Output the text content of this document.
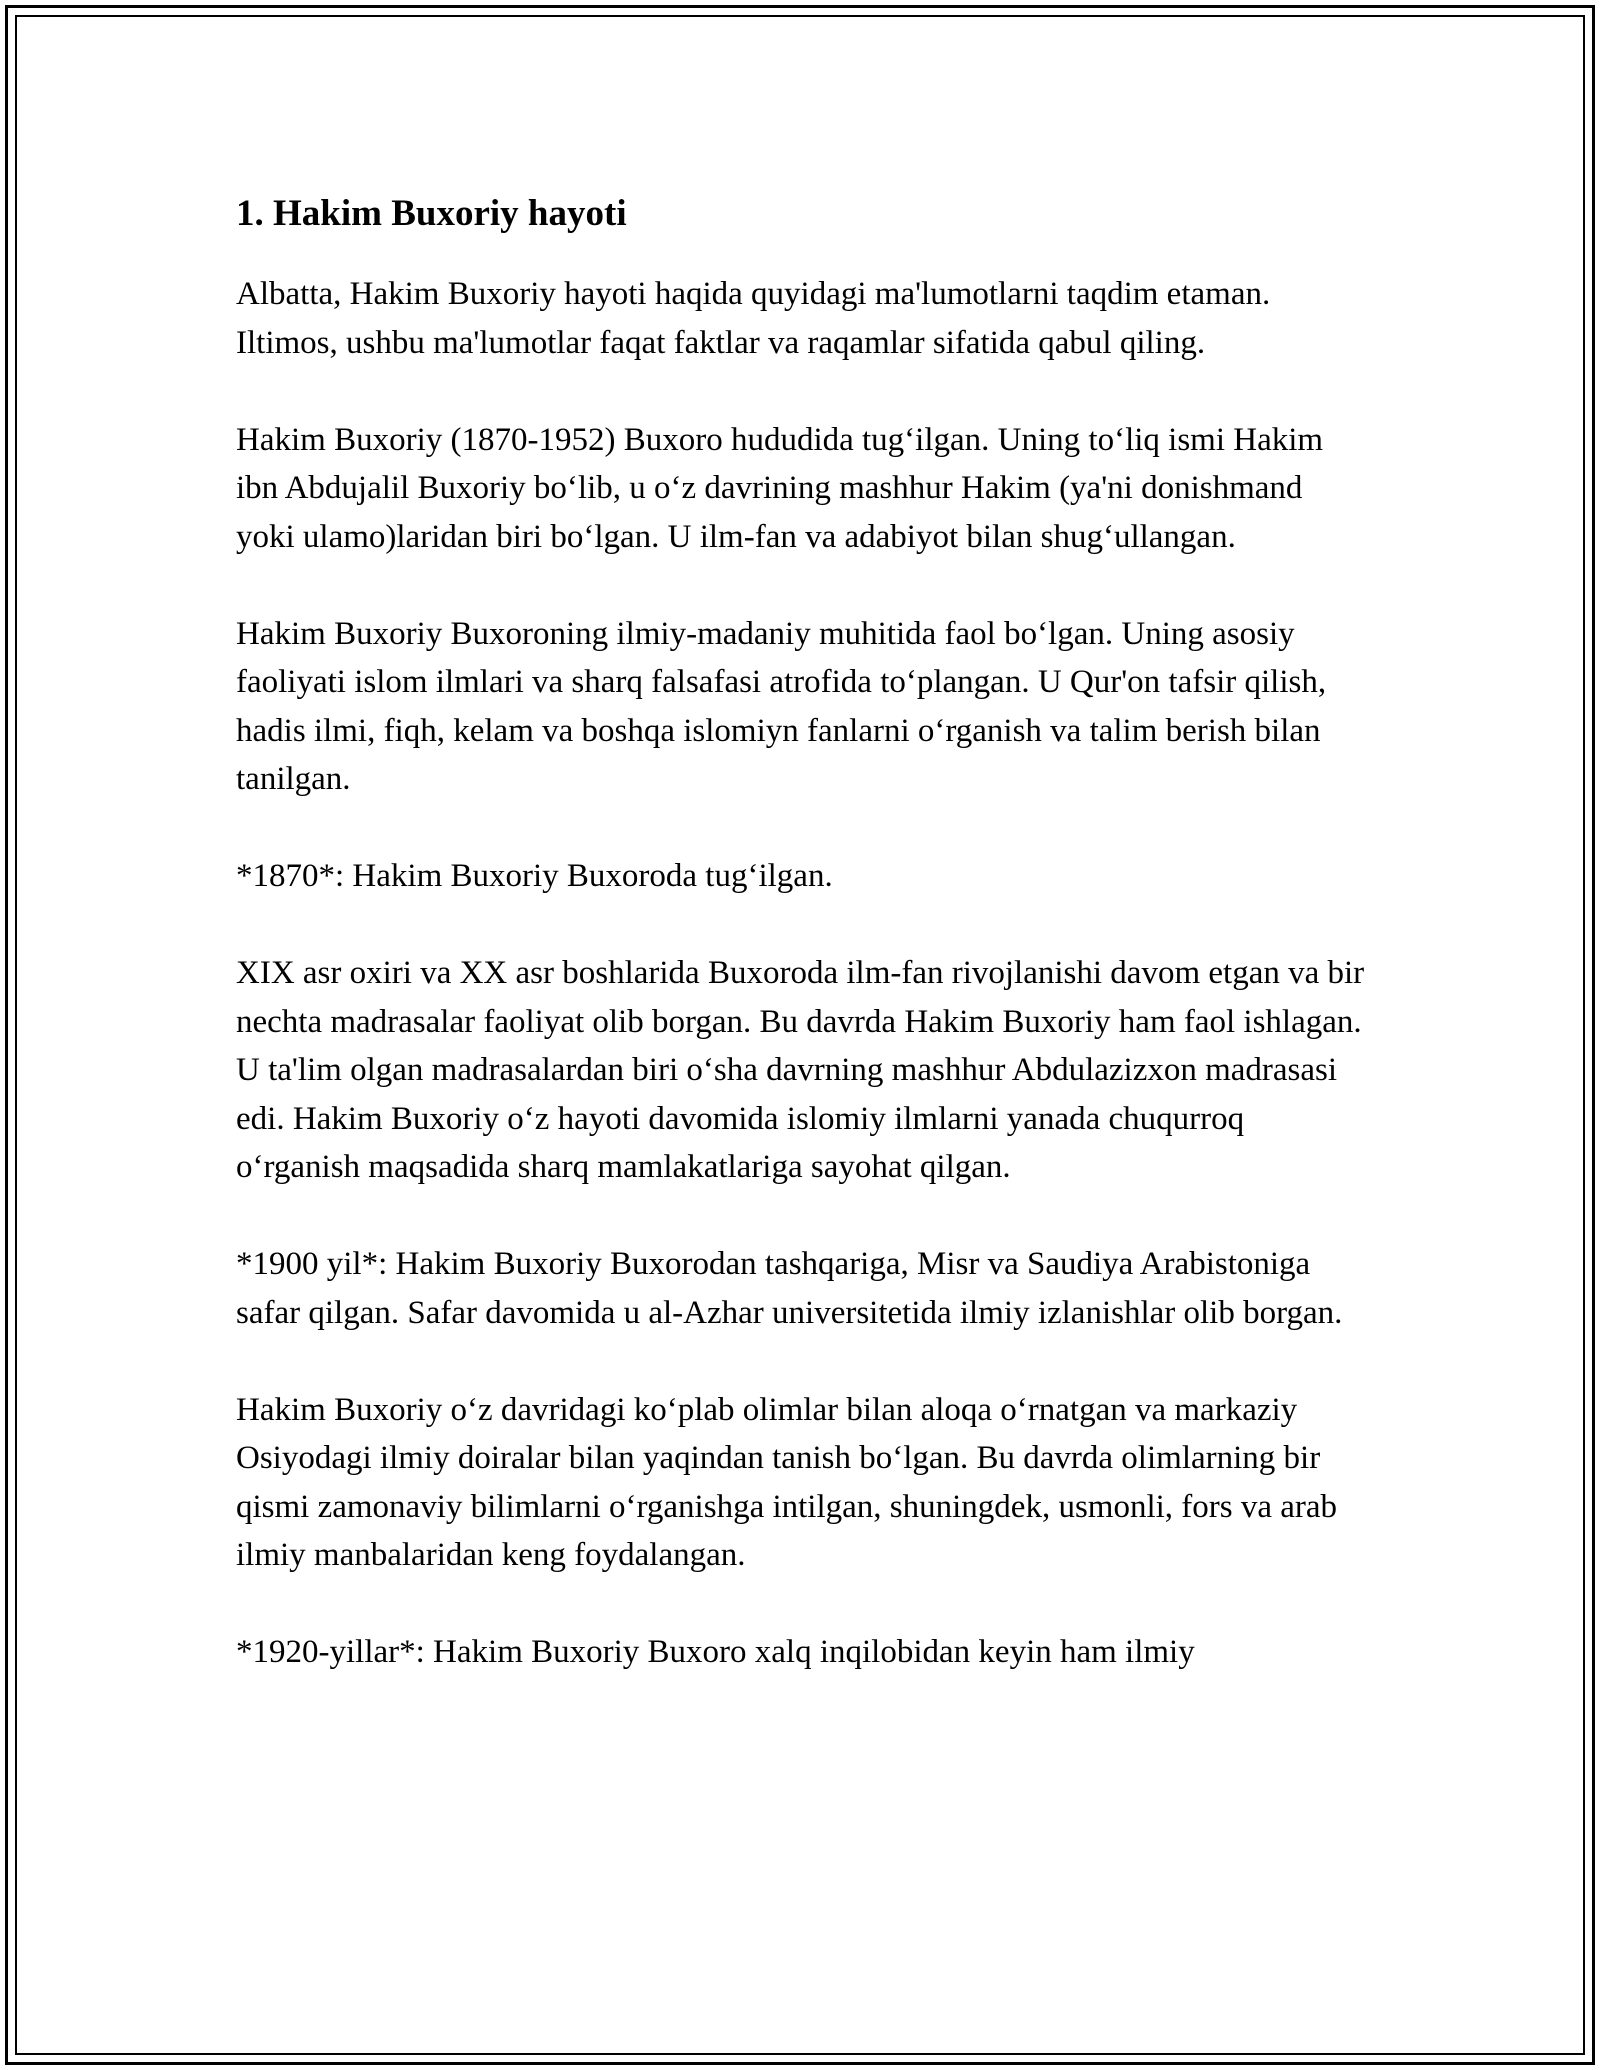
1. Hakim Buxoriy hayoti

Albatta, Hakim Buxoriy hayoti haqida quyidagi ma'lumotlarni taqdim etaman. Iltimos, ushbu ma'lumotlar faqat faktlar va raqamlar sifatida qabul qiling.

Hakim Buxoriy (1870-1952) Buxoro hududida tug‘ilgan. Uning to‘liq ismi Hakim ibn Abdujalil Buxoriy bo‘lib, u o‘z davrining mashhur Hakim (ya'ni donishmand yoki ulamo)laridan biri bo‘lgan. U ilm-fan va adabiyot bilan shug‘ullangan.

Hakim Buxoriy Buxoroning ilmiy-madaniy muhitida faol bo‘lgan. Uning asosiy faoliyati islom ilmlari va sharq falsafasi atrofida to‘plangan. U Qur'on tafsir qilish, hadis ilmi, fiqh, kelam va boshqa islomiyn fanlarni o‘rganish va talim berish bilan tanilgan.

*1870*: Hakim Buxoriy Buxoroda tug‘ilgan.

XIX asr oxiri va XX asr boshlarida Buxoroda ilm-fan rivojlanishi davom etgan va bir nechta madrasalar faoliyat olib borgan. Bu davrda Hakim Buxoriy ham faol ishlagan. U ta'lim olgan madrasalardan biri o‘sha davrning mashhur Abdulazizxon madrasasi edi. Hakim Buxoriy o‘z hayoti davomida islomiy ilmlarni yanada chuqurroq o‘rganish maqsadida sharq mamlakatlariga sayohat qilgan.

*1900 yil*: Hakim Buxoriy Buxorodan tashqariga, Misr va Saudiya Arabistoniga safar qilgan. Safar davomida u al-Azhar universitetida ilmiy izlanishlar olib borgan.

Hakim Buxoriy o‘z davridagi ko‘plab olimlar bilan aloqa o‘rnatgan va markaziy Osiyodagi ilmiy doiralar bilan yaqindan tanish bo‘lgan. Bu davrda olimlarning bir qismi zamonaviy bilimlarni o‘rganishga intilgan, shuningdek, usmonli, fors va arab ilmiy manbalaridan keng foydalangan.

*1920-yillar*: Hakim Buxoriy Buxoro xalq inqilobidan keyin ham ilmiy
